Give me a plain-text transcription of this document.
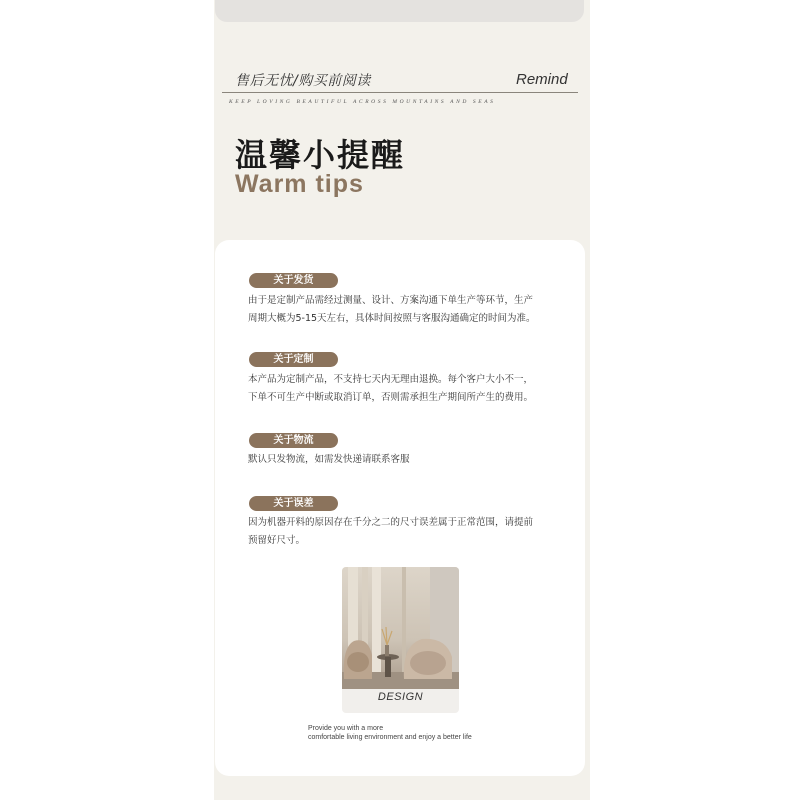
售后无忧/购买前阅读	Remind
KEEP LOVING BEAUTIFUL ACROSS MOUNTAINS AND SEAS
温馨小提醒
Warm tips
关于发货
由于是定制产品需经过测量、设计、方案沟通下单生产等环节，生产
周期大概为5-15天左右，具体时间按照与客服沟通确定的时间为准。
关于定制
本产品为定制产品，不支持七天内无理由退换。每个客户大小不一，
下单不可生产中断或取消订单，否则需承担生产期间所产生的费用。
关于物流
默认只发物流，如需发快递请联系客服
关于误差
因为机器开料的原因存在千分之二的尺寸误差属于正常范围，请提前
预留好尺寸。
DESIGN
Provide you with a more
comfortable living environment and enjoy a better life
